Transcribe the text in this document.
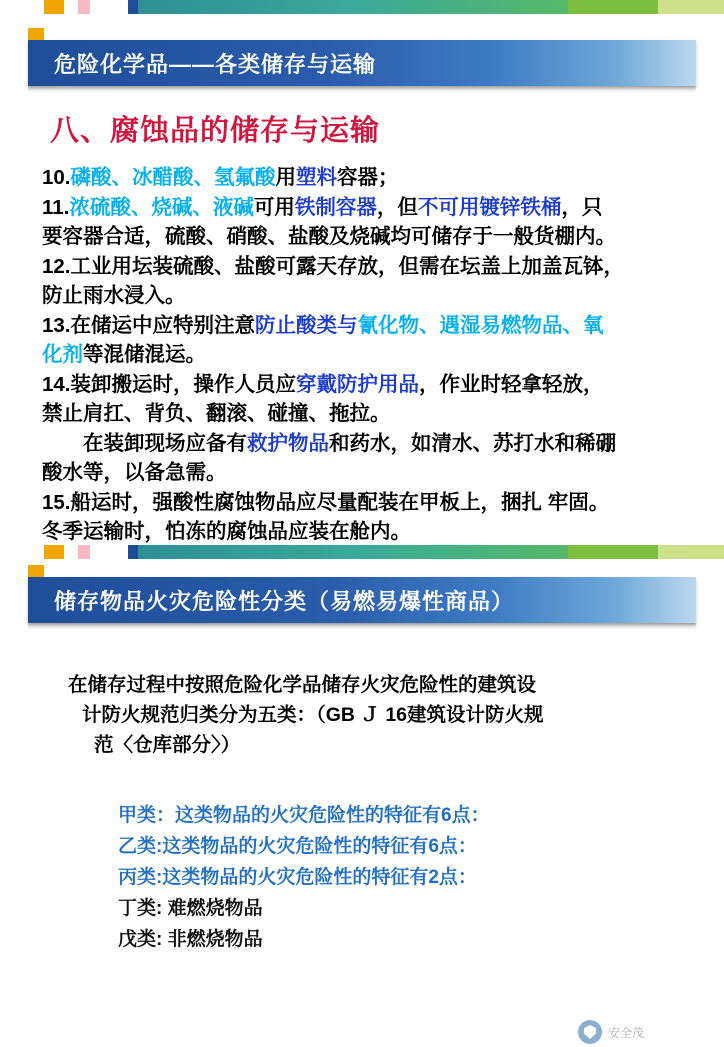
危险化学品——各类储存与运输
八、腐蚀品的储存与运输

10.磷酸、冰醋酸、氢氟酸用塑料容器；

11.浓硫酸、烧碱、液碱可用铁制容器，但不可用镀锌铁桶，只

要容器合适，硫酸、硝酸、盐酸及烧碱均可储存于一般货棚内。

12.工业用坛装硫酸、盐酸可露天存放，但需在坛盖上加盖瓦钵，

防止雨水浸入。

13.在储运中应特别注意防止酸类与氰化物、遇湿易燃物品、氧

化剂等混储混运。

14.装卸搬运时，操作人员应穿戴防护用品，作业时轻拿轻放，

禁止肩扛、背负、翻滚、碰撞、拖拉。

在装卸现场应备有救护物品和药水，如清水、苏打水和稀硼

酸水等，以备急需。

15.船运时，强酸性腐蚀物品应尽量配装在甲板上，捆扎 牢固。

冬季运输时，怕冻的腐蚀品应装在舱内。

储存物品火灾危险性分类（易燃易爆性商品）

在储存过程中按照危险化学品储存火灾危险性的建筑设

计防火规范归类分为五类：（GB Ｊ 16建筑设计防火规

范〈仓库部分〉）

甲类：这类物品的火灾危险性的特征有6点：

乙类:这类物品的火灾危险性的特征有6点：

丙类:这类物品的火灾危险性的特征有2点：

丁类: 难燃烧物品

戊类: 非燃烧物品

安全茂
